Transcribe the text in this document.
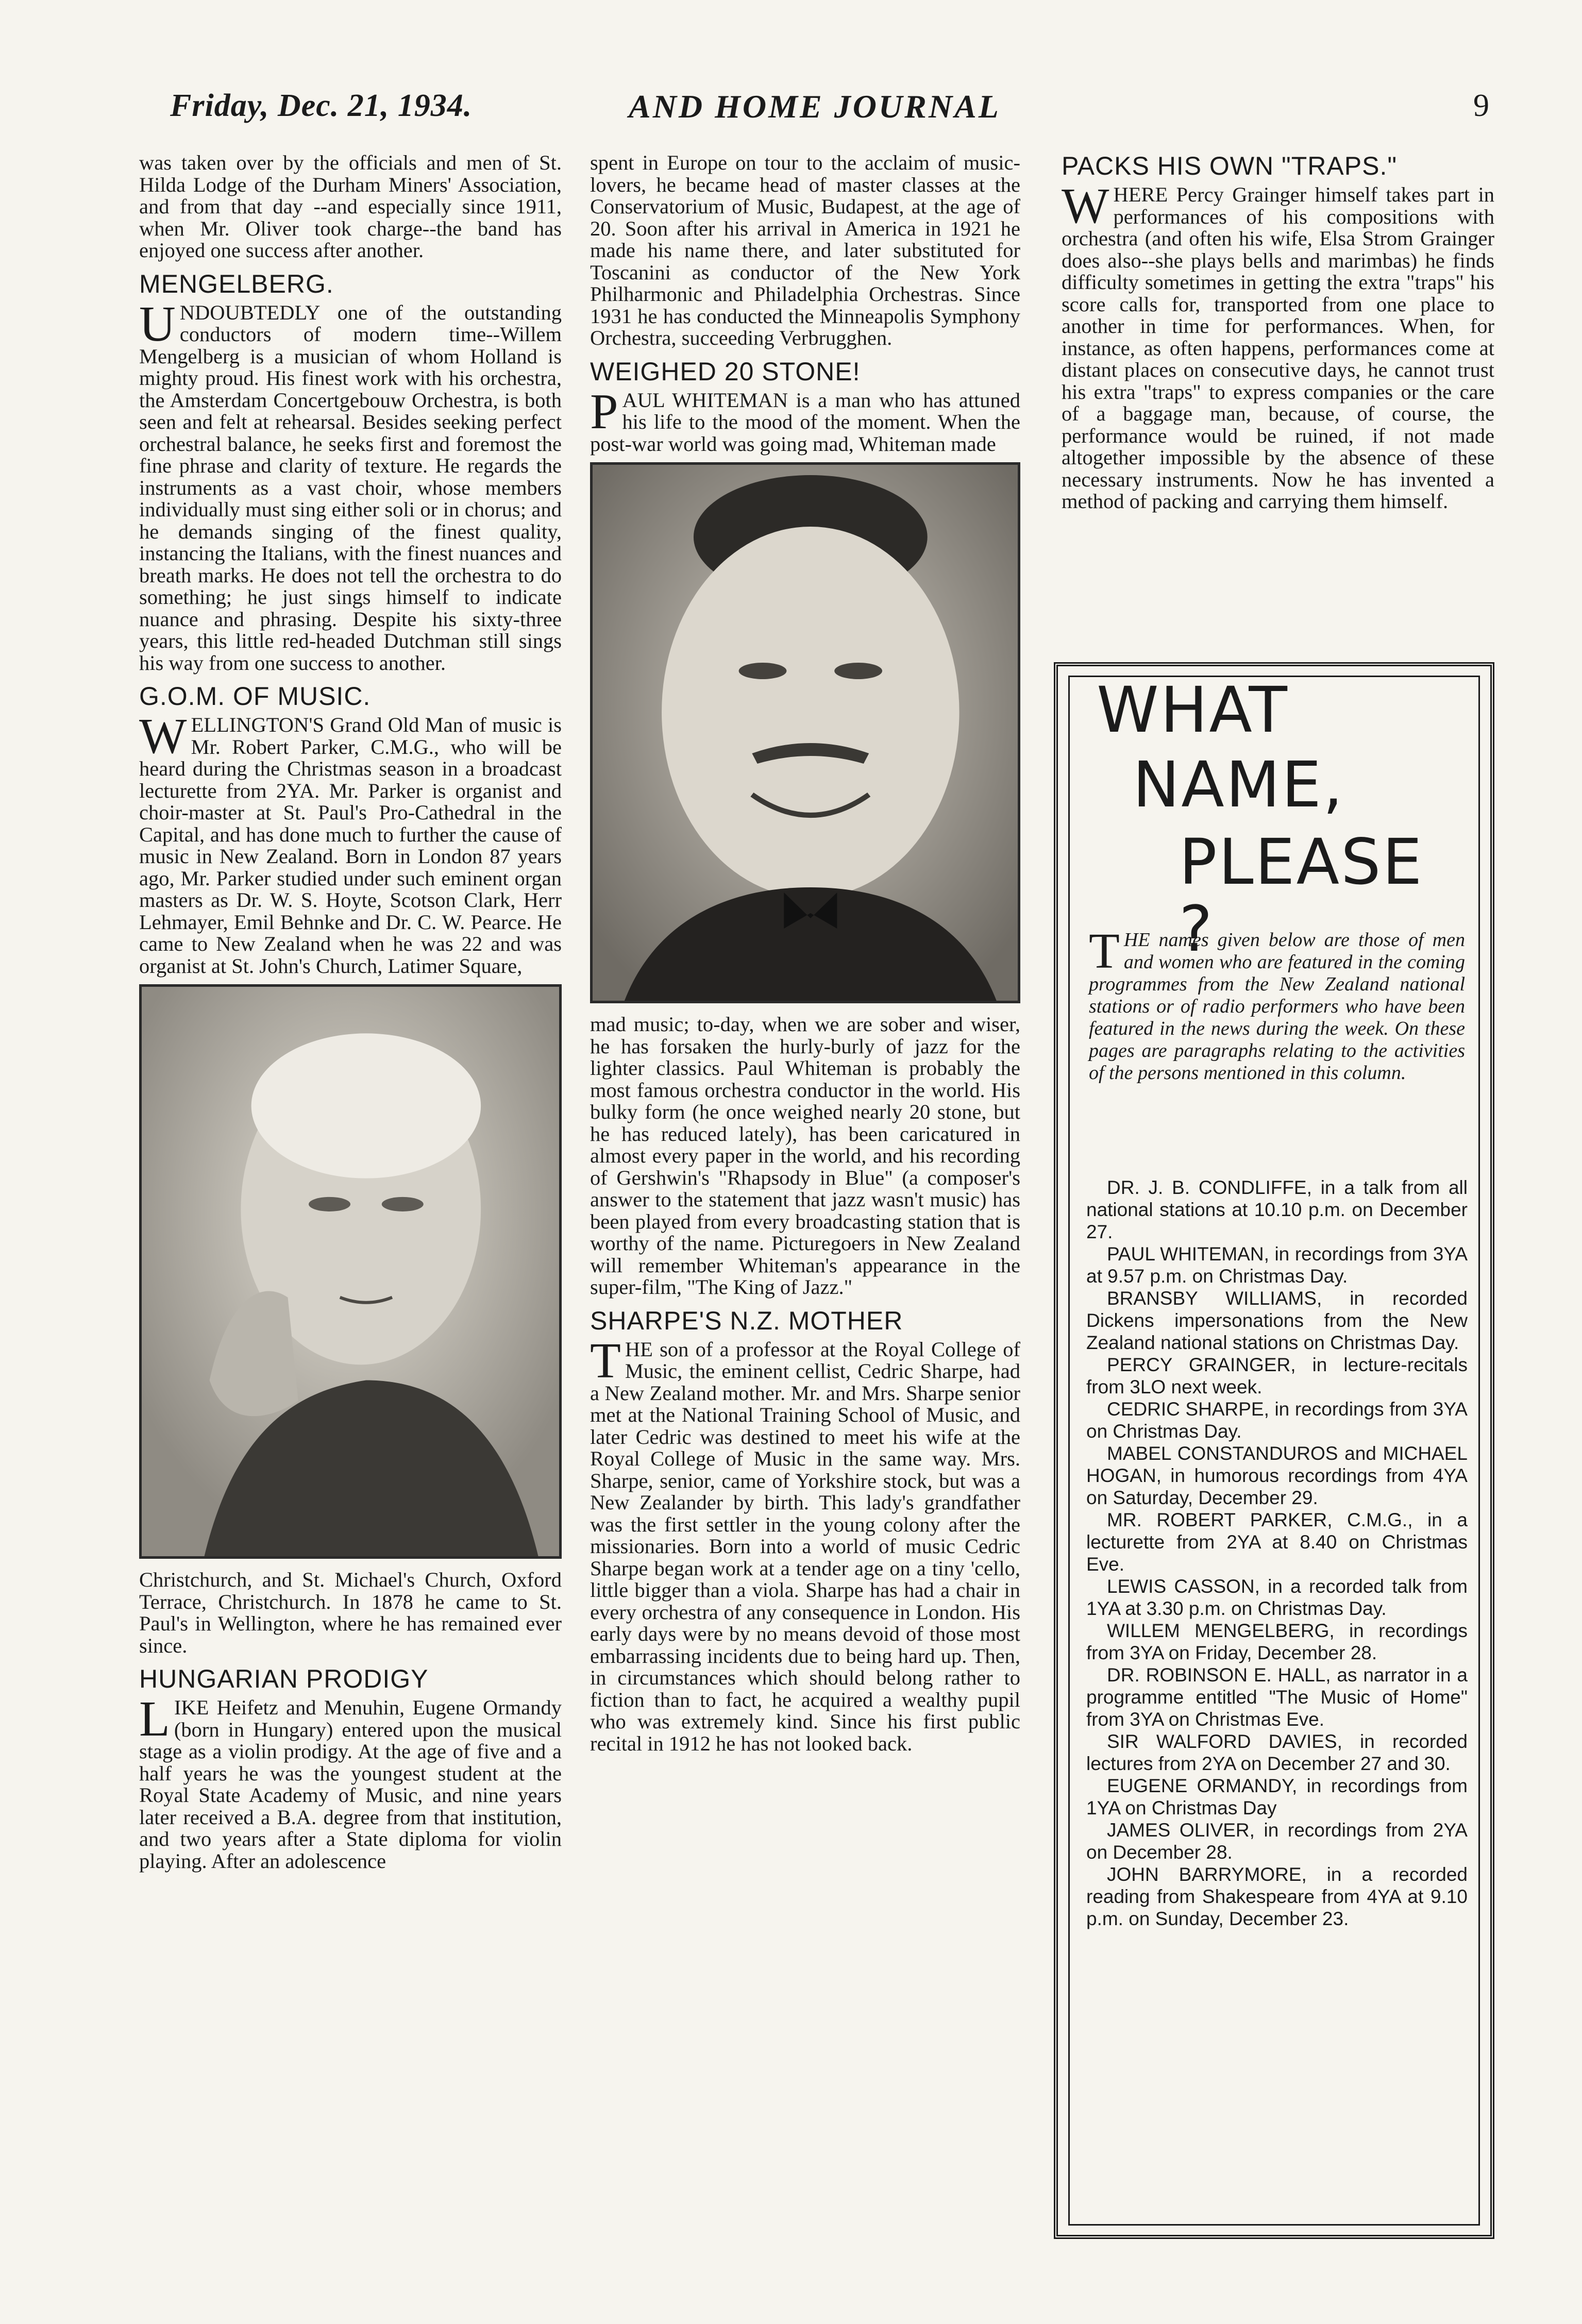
Friday, Dec. 21, 1934.	AND HOME JOURNAL	9

was taken over by the officials and men of St. Hilda Lodge of the Durham Miners' Association, and from that day --and especially since 1911, when Mr. Oliver took charge--the band has enjoyed one success after another.

MENGELBERG.

UNDOUBTEDLY one of the outstanding conductors of modern time--Willem Mengelberg is a musician of whom Holland is mighty proud. His finest work with his orchestra, the Amsterdam Concertgebouw Orchestra, is both seen and felt at rehearsal. Besides seeking perfect orchestral balance, he seeks first and foremost the fine phrase and clarity of texture. He regards the instruments as a vast choir, whose members individually must sing either soli or in chorus; and he demands singing of the finest quality, instancing the Italians, with the finest nuances and breath marks. He does not tell the orchestra to do something; he just sings himself to indicate nuance and phrasing. Despite his sixty-three years, this little red-headed Dutchman still sings his way from one success to another.

G.O.M. OF MUSIC.

WELLINGTON'S Grand Old Man of music is Mr. Robert Parker, C.M.G., who will be heard during the Christmas season in a broadcast lecturette from 2YA. Mr. Parker is organist and choir-master at St. Paul's Pro-Cathedral in the Capital, and has done much to further the cause of music in New Zealand. Born in London 87 years ago, Mr. Parker studied under such eminent organ masters as Dr. W. S. Hoyte, Scotson Clark, Herr Lehmayer, Emil Behnke and Dr. C. W. Pearce. He came to New Zealand when he was 22 and was organist at St. John's Church, Latimer Square,

Christchurch, and St. Michael's Church, Oxford Terrace, Christchurch. In 1878 he came to St. Paul's in Wellington, where he has remained ever since.

HUNGARIAN PRODIGY

LIKE Heifetz and Menuhin, Eugene Ormandy (born in Hungary) entered upon the musical stage as a violin prodigy. At the age of five and a half years he was the youngest student at the Royal State Academy of Music, and nine years later received a B.A. degree from that institution, and two years after a State diploma for violin playing. After an adolescence

spent in Europe on tour to the acclaim of music-lovers, he became head of master classes at the Conservatorium of Music, Budapest, at the age of 20. Soon after his arrival in America in 1921 he made his name there, and later substituted for Toscanini as conductor of the New York Philharmonic and Philadelphia Orchestras. Since 1931 he has conducted the Minneapolis Symphony Orchestra, succeeding Verbrugghen.

WEIGHED 20 STONE!

PAUL WHITEMAN is a man who has attuned his life to the mood of the moment. When the post-war world was going mad, Whiteman made

mad music; to-day, when we are sober and wiser, he has forsaken the hurly-burly of jazz for the lighter classics. Paul Whiteman is probably the most famous orchestra conductor in the world. His bulky form (he once weighed nearly 20 stone, but he has reduced lately), has been caricatured in almost every paper in the world, and his recording of Gershwin's "Rhapsody in Blue" (a composer's answer to the statement that jazz wasn't music) has been played from every broadcasting station that is worthy of the name. Picturegoers in New Zealand will remember Whiteman's appearance in the super-film, "The King of Jazz."

SHARPE'S N.Z. MOTHER

THE son of a professor at the Royal College of Music, the eminent cellist, Cedric Sharpe, had a New Zealand mother. Mr. and Mrs. Sharpe senior met at the National Training School of Music, and later Cedric was destined to meet his wife at the Royal College of Music in the same way. Mrs. Sharpe, senior, came of Yorkshire stock, but was a New Zealander by birth. This lady's grandfather was the first settler in the young colony after the missionaries. Born into a world of music Cedric Sharpe began work at a tender age on a tiny 'cello, little bigger than a viola. Sharpe has had a chair in every orchestra of any consequence in London. His early days were by no means devoid of those most embarrassing incidents due to being hard up. Then, in circumstances which should belong rather to fiction than to fact, he acquired a wealthy pupil who was extremely kind. Since his first public recital in 1912 he has not looked back.

PACKS HIS OWN "TRAPS."

WHERE Percy Grainger himself takes part in performances of his compositions with orchestra (and often his wife, Elsa Strom Grainger does also--she plays bells and marimbas) he finds difficulty sometimes in getting the extra "traps" his score calls for, transported from one place to another in time for performances. When, for instance, as often happens, performances come at distant places on consecutive days, he cannot trust his extra "traps" to express companies or the care of a baggage man, because, of course, the performance would be ruined, if not made altogether impossible by the absence of these necessary instruments. Now he has invented a method of packing and carrying them himself.

WHAT
NAME,
PLEASE ?
THE names given below are those of men and women who are featured in the coming programmes from the New Zealand national stations or of radio performers who have been featured in the news during the week. On these pages are paragraphs relating to the activities of the persons mentioned in this column.

DR. J. B. CONDLIFFE, in a talk from all national stations at 10.10 p.m. on December 27.

PAUL WHITEMAN, in recordings from 3YA at 9.57 p.m. on Christmas Day.

BRANSBY WILLIAMS, in recorded Dickens impersonations from the New Zealand national stations on Christmas Day.

PERCY GRAINGER, in lecture-recitals from 3LO next week.

CEDRIC SHARPE, in recordings from 3YA on Christmas Day.

MABEL CONSTANDUROS and MICHAEL HOGAN, in humorous recordings from 4YA on Saturday, December 29.

MR. ROBERT PARKER, C.M.G., in a lecturette from 2YA at 8.40 on Christmas Eve.

LEWIS CASSON, in a recorded talk from 1YA at 3.30 p.m. on Christmas Day.

WILLEM MENGELBERG, in recordings from 3YA on Friday, December 28.

DR. ROBINSON E. HALL, as narrator in a programme entitled "The Music of Home" from 3YA on Christmas Eve.

SIR WALFORD DAVIES, in recorded lectures from 2YA on December 27 and 30.

EUGENE ORMANDY, in recordings from 1YA on Christmas Day

JAMES OLIVER, in recordings from 2YA on December 28.

JOHN BARRYMORE, in a recorded reading from Shakespeare from 4YA at 9.10 p.m. on Sunday, December 23.
